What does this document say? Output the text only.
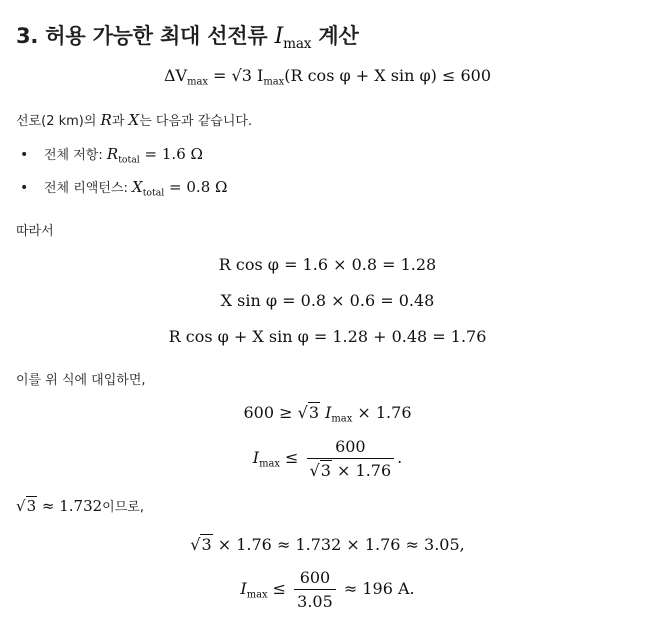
3. 허용 가능한 최대 선전류 $I_{max}$ 계산
$\Delta V_{max} = √3$ $I_{max}(R$ cos φ + X sin φ) ≤ 600
선로(2 km)의 R과 X는 다음과 같습니다.
• 전체 저항: $R_{total} = 1.6$ Ω
• 전체 리액턴스: $X_{total} = 0.8$ Ω
따라서
R cos φ = 1.6 × 0.8 = 1.28
X sin φ = 0.8 × 0.6 = 0.48
R cos φ + X sin φ = 1.28 + 0.48 = 1.76
이를 위 식에 대입하면,
600 ≥ √3 $I_{max} \times 1.76$
$I_{max} \le \frac{600}{√3 \times 1.76}$ .
√3 ≈ 1.732이므로,
√3 × 1.76 ≈ 1.732 × 1.76 ≈ 3.05,
$I_{max} \le \frac{600}{3.05} \approx 196$ A.
